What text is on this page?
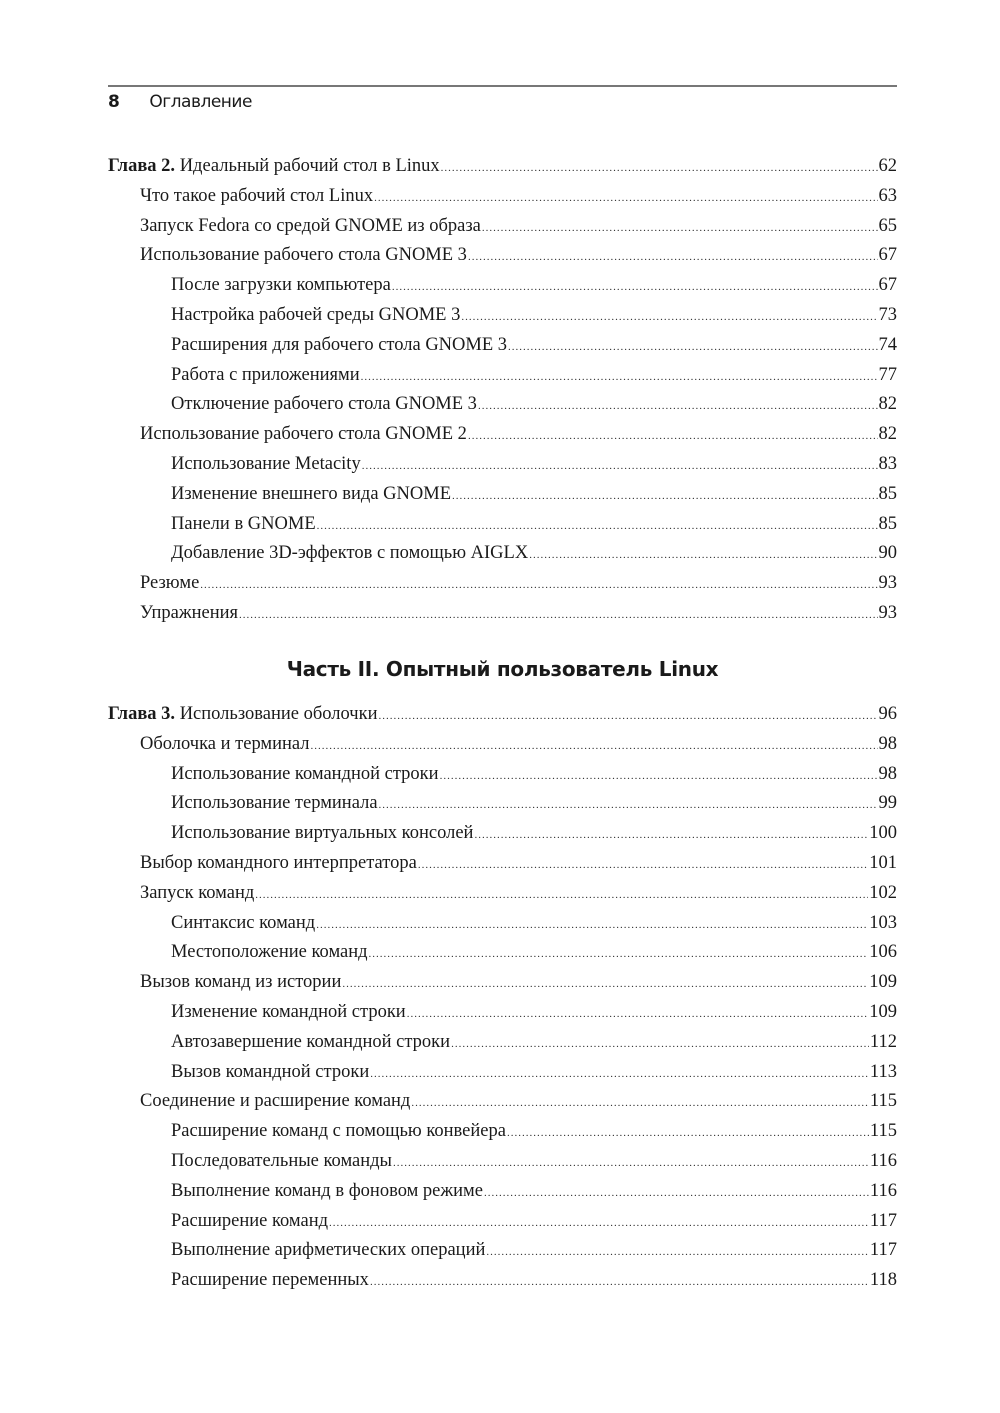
8 Оглавление
Глава 2. Идеальный рабочий стол в Linux .....	62
Что такое рабочий стол Linux .....	63
Запуск Fedora со средой GNOME из образа .....	65
Использование рабочего стола GNOME 3 .....	67
После загрузки компьютера .....	67
Настройка рабочей среды GNOME 3 .....	73
Расширения для рабочего стола GNOME 3 .....	74
Работа с приложениями .....	77
Отключение рабочего стола GNOME 3 .....	82
Использование рабочего стола GNOME 2 .....	82
Использование Metacity .....	83
Изменение внешнего вида GNOME .....	85
Панели в GNOME .....	85
Добавление 3D-эффектов с помощью AIGLX .....	90
Резюме .....	93
Упражнения .....	93
Часть II. Опытный пользователь Linux
Глава 3. Использование оболочки .....	96
Оболочка и терминал .....	98
Использование командной строки .....	98
Использование терминала .....	99
Использование виртуальных консолей .....	100
Выбор командного интерпретатора .....	101
Запуск команд .....	102
Синтаксис команд .....	103
Местоположение команд .....	106
Вызов команд из истории .....	109
Изменение командной строки .....	109
Автозавершение командной строки .....	112
Вызов командной строки .....	113
Соединение и расширение команд .....	115
Расширение команд с помощью конвейера .....	115
Последовательные команды .....	116
Выполнение команд в фоновом режиме .....	116
Расширение команд .....	117
Выполнение арифметических операций .....	117
Расширение переменных .....	118
